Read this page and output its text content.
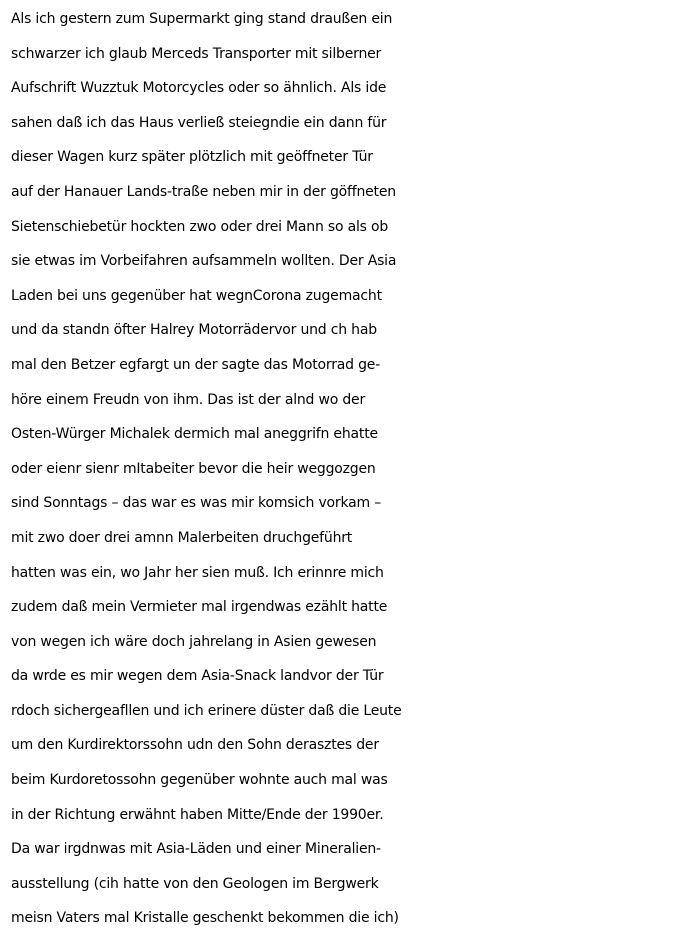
Als ich gestern zum Supermarkt ging stand draußen ein
schwarzer ich glaub Merceds Transporter mit silberner
Aufschrift Wuzztuk Motorcycles oder so ähnlich. Als ide
sahen daß ich das Haus verließ steiegndie ein dann für
dieser Wagen kurz später plötzlich mit geöffneter Tür
auf der Hanauer Lands-traße neben mir in der göffneten
Sietenschiebetür hockten zwo oder drei Mann so als ob
sie etwas im Vorbeifahren aufsammeln wollten. Der Asia
Laden bei uns gegenüber hat wegnCorona zugemacht
und da standn öfter Halrey Motorrädervor und ch hab
mal den Betzer egfargt un der sagte das Motorrad ge-
höre einem Freudn von ihm. Das ist der alnd wo der
Osten-Würger Michalek dermich mal aneggrifn ehatte
oder eienr sienr mItabeiter bevor die heir weggozgen
sind Sonntags – das war es was mir komsich vorkam –
mit zwo doer drei amnn Malerbeiten druchgeführt
hatten was ein, wo Jahr her sien muß. Ich erinnre mich
zudem daß mein Vermieter mal irgendwas ezählt hatte
von wegen ich wäre doch jahrelang in Asien gewesen
da wrde es mir wegen dem Asia-Snack landvor der Tür
rdoch sichergeafllen und ich erinere düster daß die Leute
um den Kurdirektorssohn udn den Sohn derasztes der
beim Kurdoretossohn gegenüber wohnte auch mal was
in der Richtung erwähnt haben Mitte/Ende der 1990er.
Da war irgdnwas mit Asia-Läden und einer Mineralien-
ausstellung (cih hatte von den Geologen im Bergwerk
meisn Vaters mal Kristalle geschenkt bekommen die ich)
